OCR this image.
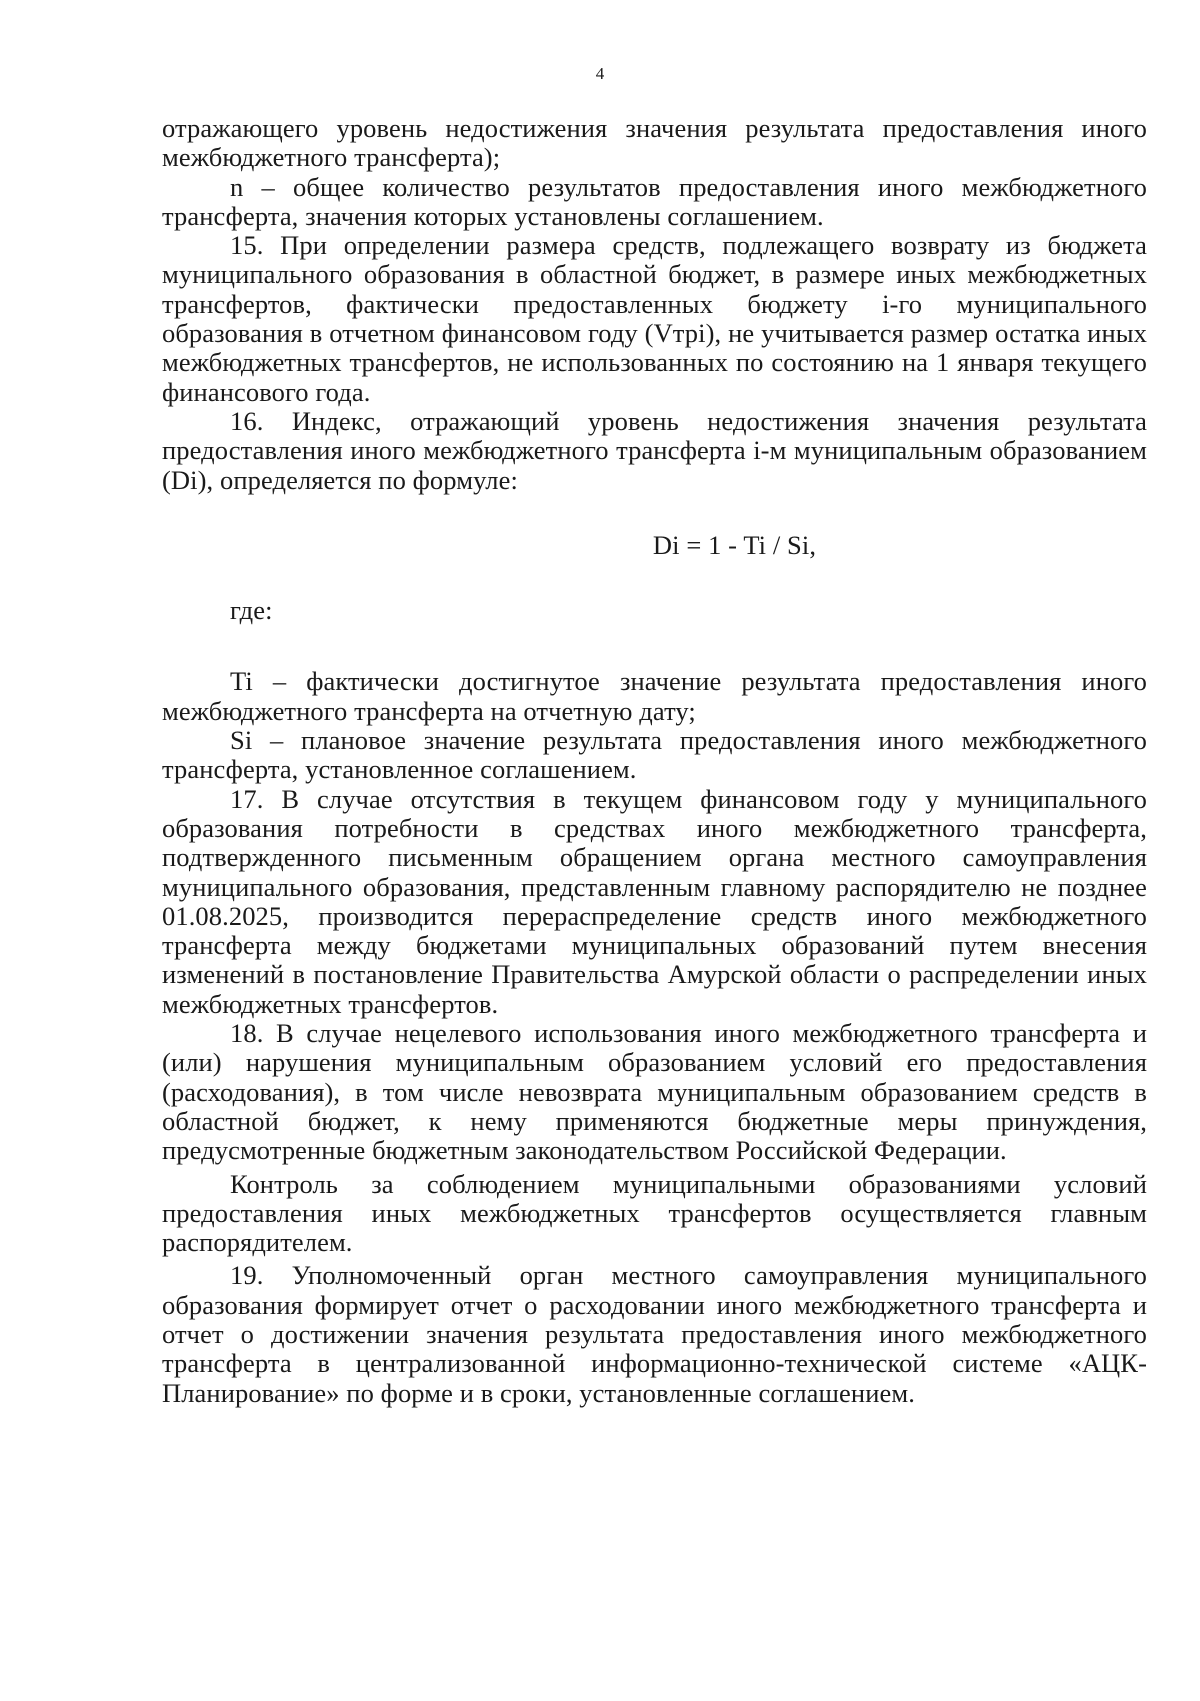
4

отражающего уровень недостижения значения результата предоставления иного межбюджетного трансферта);

n – общее количество результатов предоставления иного межбюджетного трансферта, значения которых установлены соглашением.

15. При определении размера средств, подлежащего возврату из бюджета муниципального образования в областной бюджет, в размере иных межбюджетных трансфертов, фактически предоставленных бюджету i-го муниципального образования в отчетном финансовом году (Vтрi), не учитывается размер остатка иных межбюджетных трансфертов, не использованных по состоянию на 1 января текущего финансового года.

16. Индекс, отражающий уровень недостижения значения результата предоставления иного межбюджетного трансферта i-м муниципальным образованием (Di), определяется по формуле:

Di = 1 - Ti / Si,

где:

Ti – фактически достигнутое значение результата предоставления иного межбюджетного трансферта на отчетную дату;

Si – плановое значение результата предоставления иного межбюджетного трансферта, установленное соглашением.

17. В случае отсутствия в текущем финансовом году у муниципального образования потребности в средствах иного межбюджетного трансферта, подтвержденного письменным обращением органа местного самоуправления муниципального образования, представленным главному распорядителю не позднее 01.08.2025, производится перераспределение средств иного межбюджетного трансферта между бюджетами муниципальных образований путем внесения изменений в постановление Правительства Амурской области о распределении иных межбюджетных трансфертов.

18. В случае нецелевого использования иного межбюджетного трансферта и (или) нарушения муниципальным образованием условий его предоставления (расходования), в том числе невозврата муниципальным образованием средств в областной бюджет, к нему применяются бюджетные меры принуждения, предусмотренные бюджетным законодательством Российской Федерации.

Контроль за соблюдением муниципальными образованиями условий предоставления иных межбюджетных трансфертов осуществляется главным распорядителем.

19. Уполномоченный орган местного самоуправления муниципального образования формирует отчет о расходовании иного межбюджетного трансферта и отчет о достижении значения результата предоставления иного межбюджетного трансферта в централизованной информационно-технической системе «АЦК-Планирование» по форме и в сроки, установленные соглашением.
